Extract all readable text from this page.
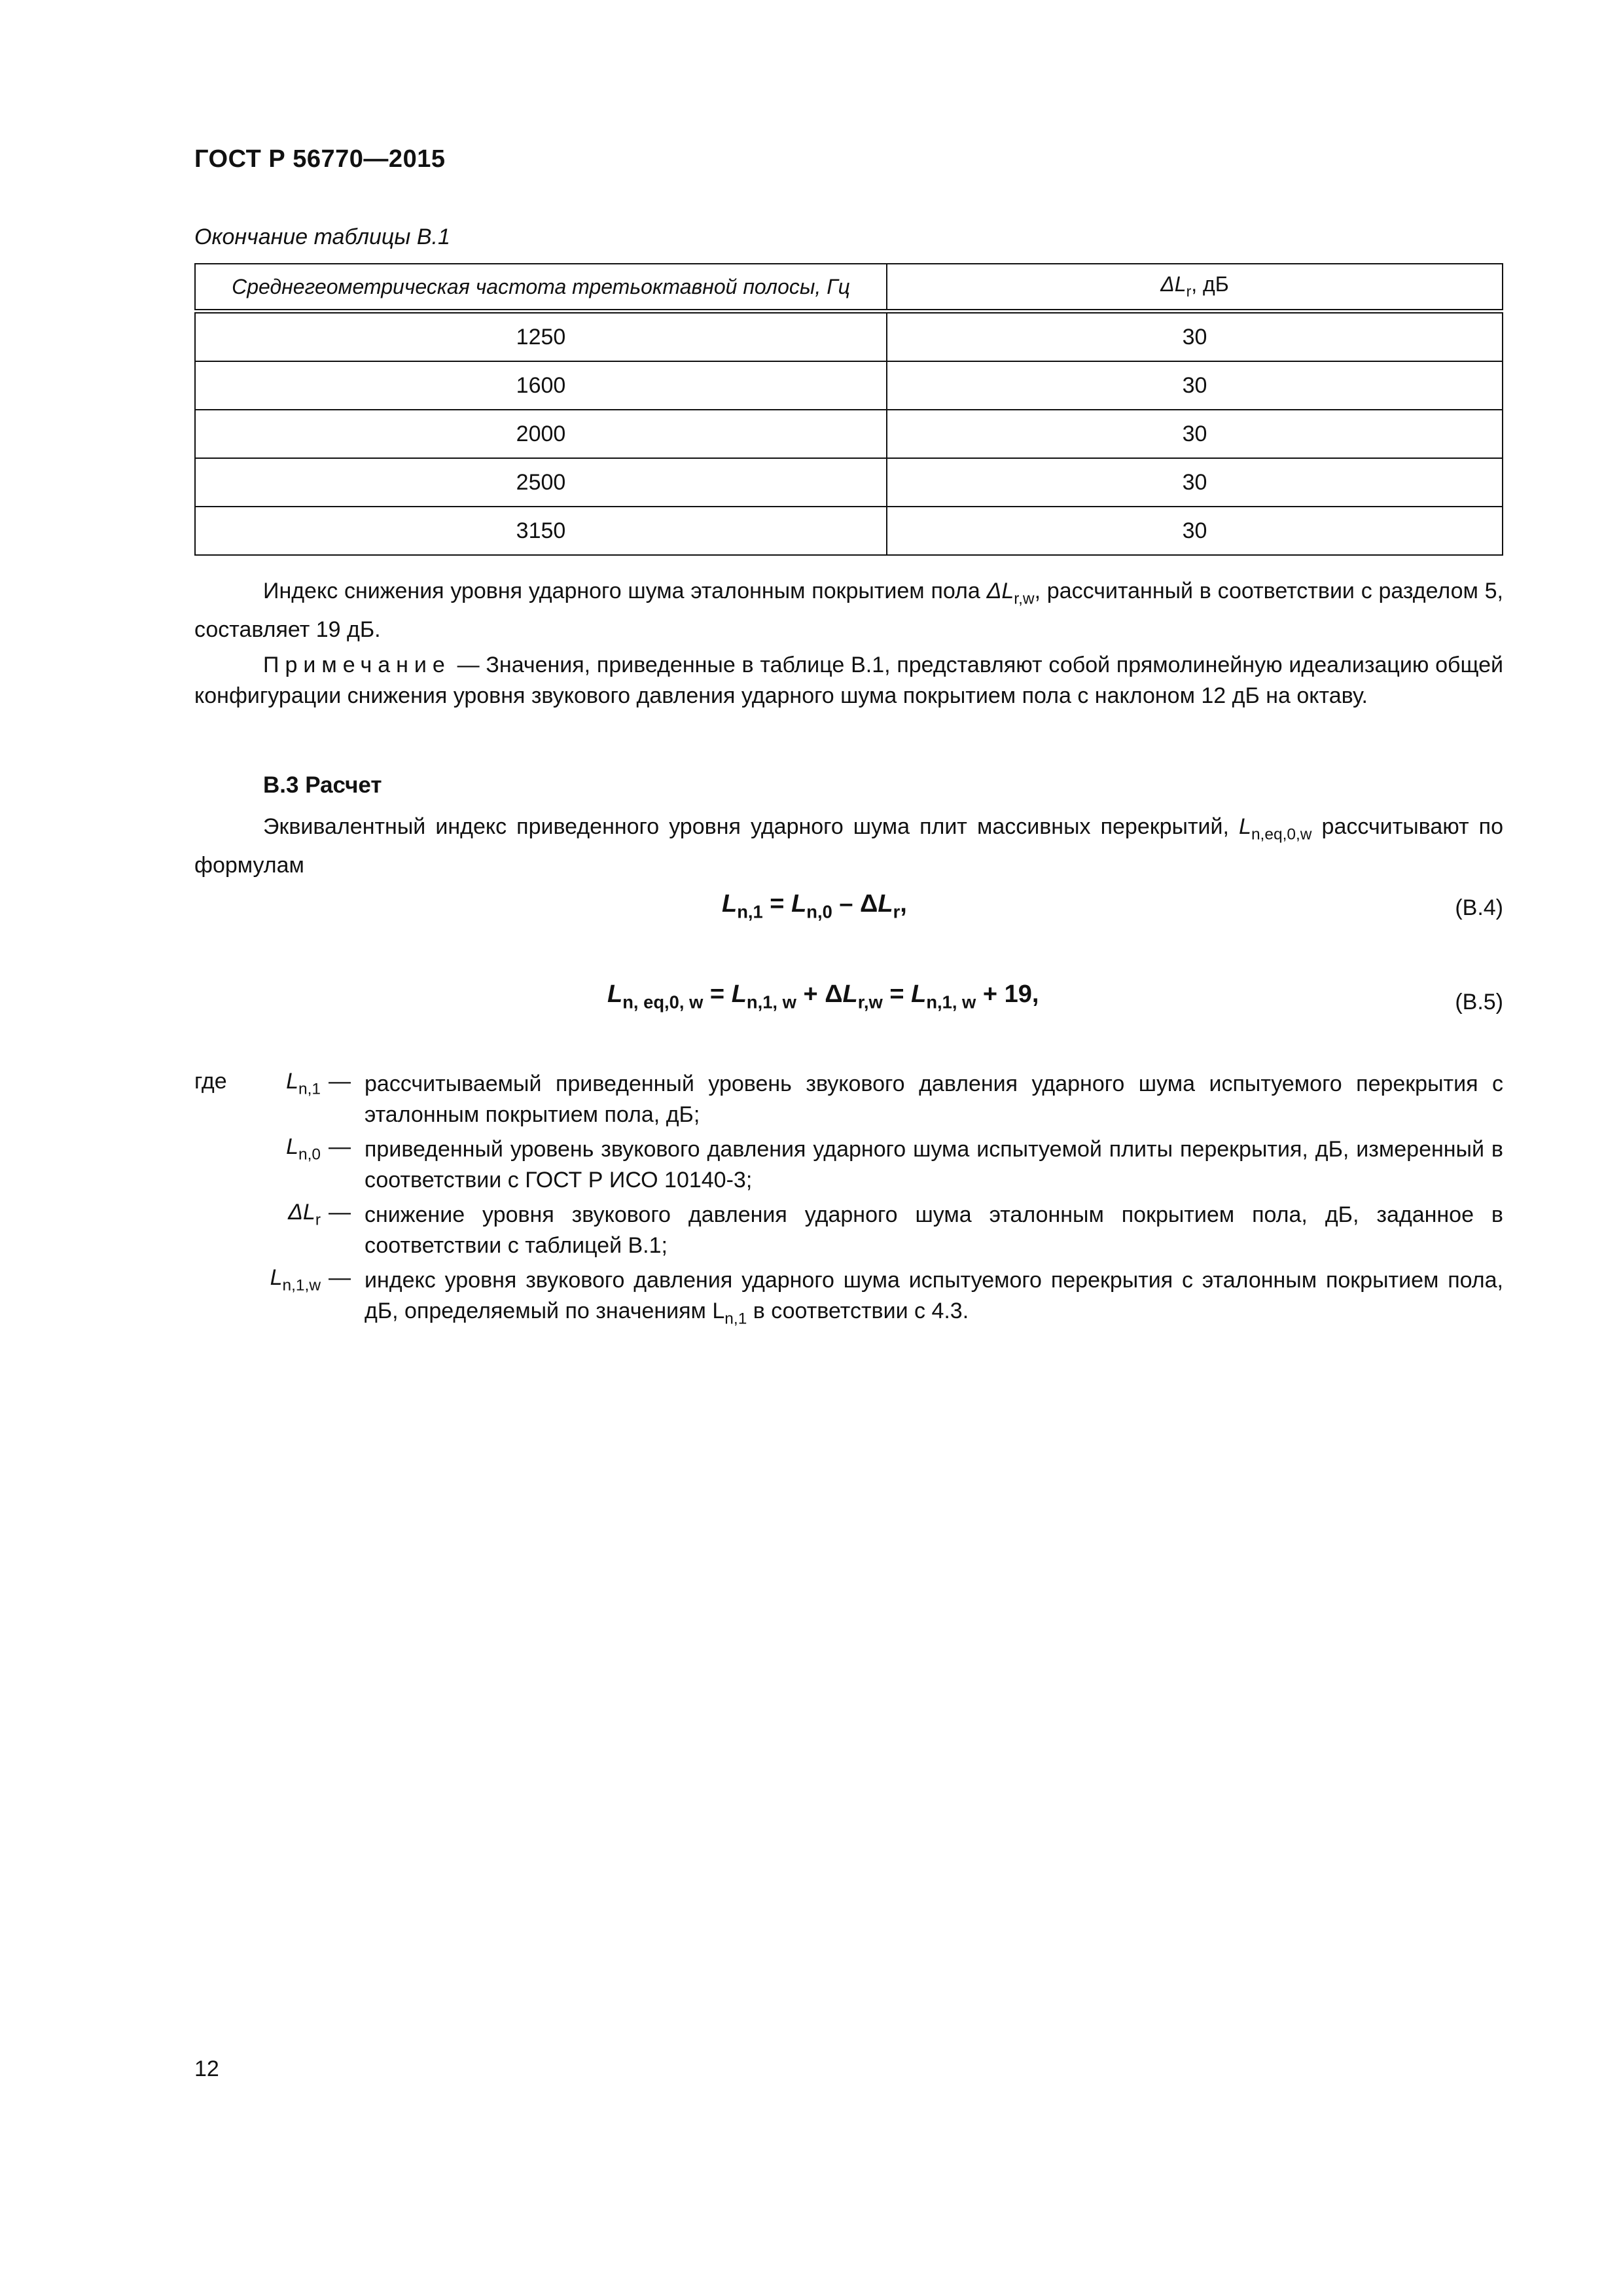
ГОСТ Р 56770—2015
Окончание таблицы В.1
Среднегеометрическая частота третьоктавной полосы, Гц	$\Delta L_r$, дБ
1250	30
1600	30
2000	30
2500	30
3150	30
Индекс снижения уровня ударного шума эталонным покрытием пола $\Delta L_{r,w}$, рассчитанный в соответствии с разделом 5, составляет 19 дБ.
Примечание — Значения, приведенные в таблице В.1, представляют собой прямолинейную идеализацию общей конфигурации снижения уровня звукового давления ударного шума покрытием пола с наклоном 12 дБ на октаву.
В.3 Расчет
Эквивалентный индекс приведенного уровня ударного шума плит массивных перекрытий, $L_{n,eq,0,w}$ рассчитывают по формулам
$L_{n,1} = L_{n,0} - \Delta L_r$,	(В.4)
$L_{n, eq,0, w} = L_{n,1, w} + \Delta L_{r,w} = L_{n,1, w} + 19$,	(В.5)
где	$L_{n,1}$ — рассчитываемый приведенный уровень звукового давления ударного шума испытуемого перекрытия с эталонным покрытием пола, дБ;
$L_{n,0}$ — приведенный уровень звукового давления ударного шума испытуемой плиты перекрытия, дБ, измеренный в соответствии с ГОСТ Р ИСО 10140-3;
$\Delta L_r$ — снижение уровня звукового давления ударного шума эталонным покрытием пола, дБ, заданное в соответствии с таблицей В.1;
$L_{n,1,w}$ — индекс уровня звукового давления ударного шума испытуемого перекрытия с эталонным покрытием пола, дБ, определяемый по значениям $L_{n,1}$ в соответствии с 4.3.
12
